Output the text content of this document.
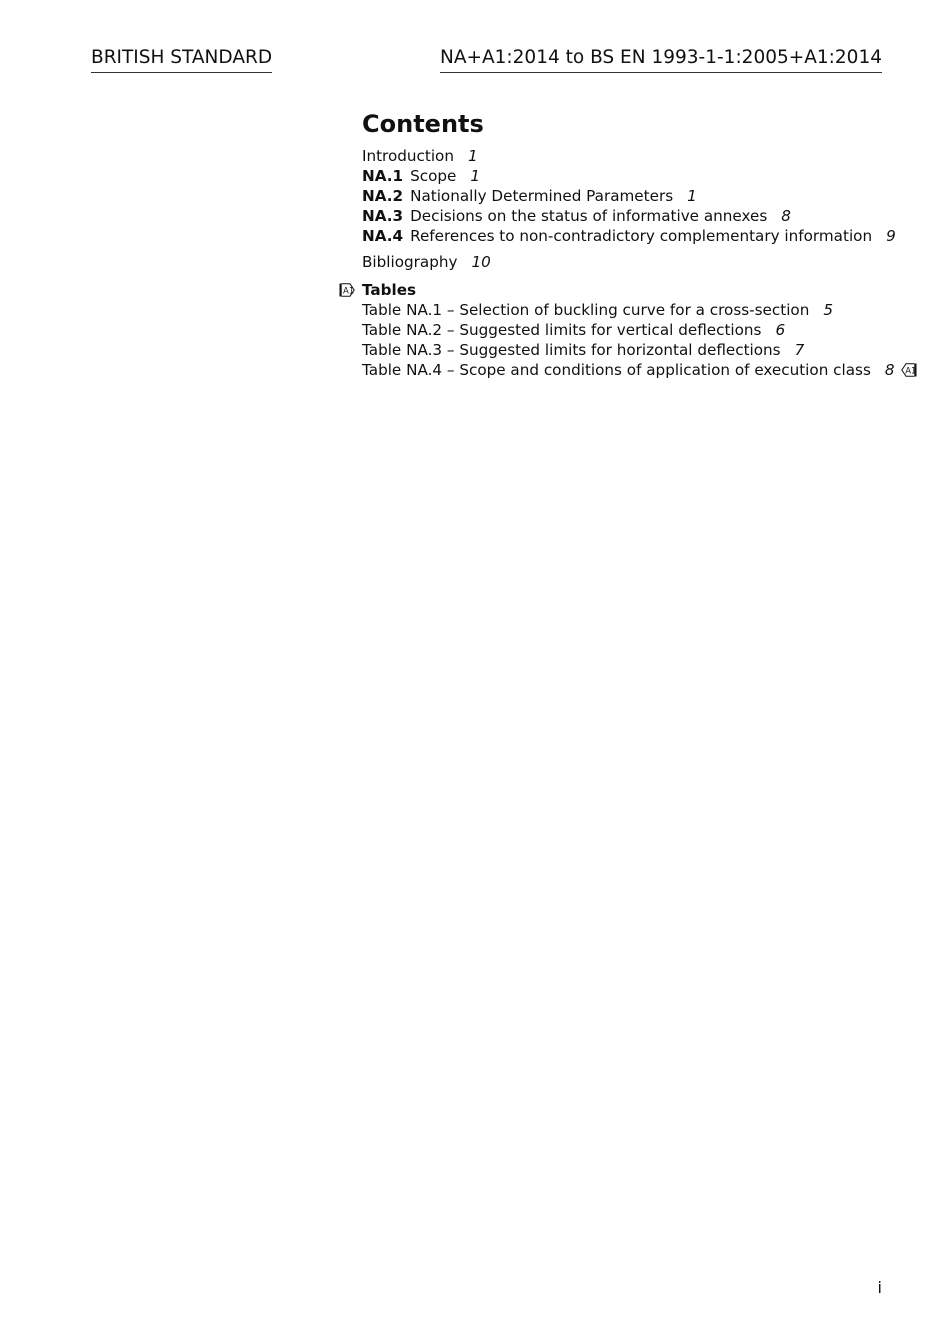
BRITISH STANDARD	NA+A1:2014 to BS EN 1993-1-1:2005+A1:2014
Contents
Introduction 1
NA.1 Scope 1
NA.2 Nationally Determined Parameters 1
NA.3 Decisions on the status of informative annexes 8
NA.4 References to non-contradictory complementary information 9
Bibliography 10
A1 Tables
Table NA.1 – Selection of buckling curve for a cross-section 5
Table NA.2 – Suggested limits for vertical deflections 6
Table NA.3 – Suggested limits for horizontal deflections 7
Table NA.4 – Scope and conditions of application of execution class 8 A1
i
